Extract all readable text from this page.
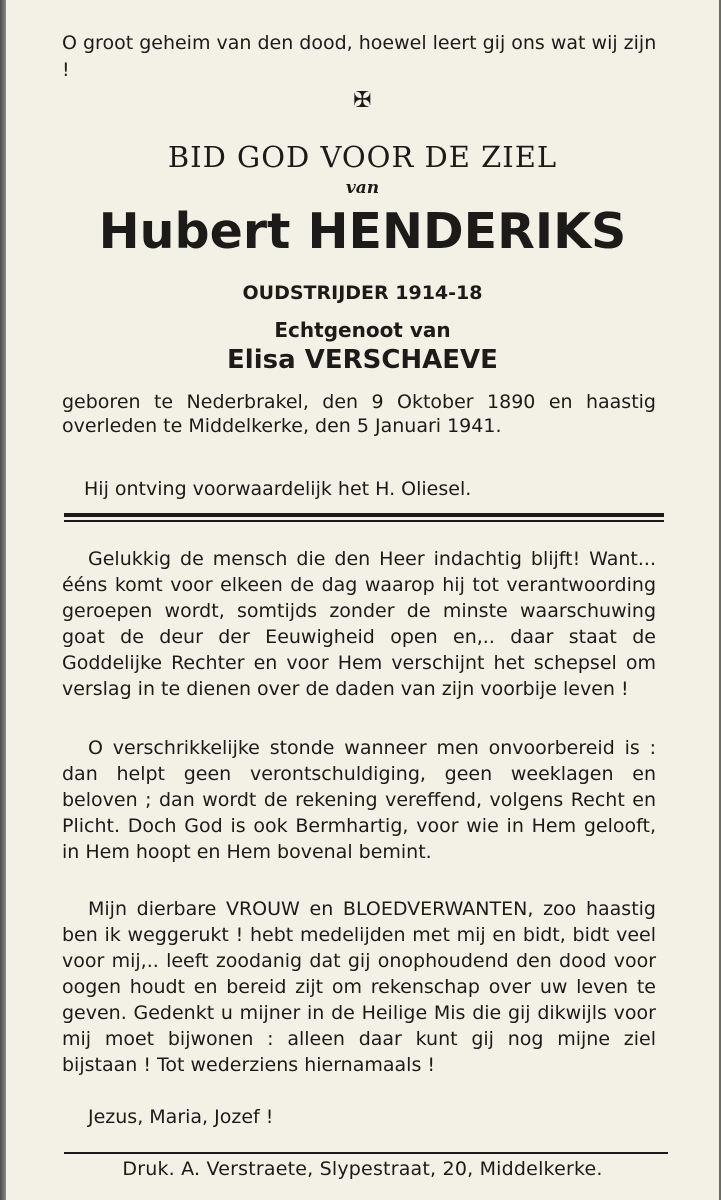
O groot geheim van den dood, hoewel leert gij ons wat wij zijn !

✠
BID GOD VOOR DE ZIEL
van
Hubert HENDERIKS
OUDSTRIJDER 1914-18
Echtgenoot van
Elisa VERSCHAEVE

geboren te Nederbrakel, den 9 Oktober 1890 en haastig overleden te Middelkerke, den 5 Januari 1941.

Hij ontving voorwaardelijk het H. Oliesel.

Gelukkig de mensch die den Heer indachtig blijft! Want... ééns komt voor elkeen de dag waarop hij tot verantwoording geroepen wordt, somtijds zonder de minste waarschuwing goat de deur der Eeuwigheid open en,.. daar staat de Goddelijke Rechter en voor Hem verschijnt het schepsel om verslag in te dienen over de daden van zijn voorbije leven !

O verschrikkelijke stonde wanneer men onvoorbereid is : dan helpt geen verontschuldiging, geen weeklagen en beloven ; dan wordt de rekening vereffend, volgens Recht en Plicht. Doch God is ook Bermhartig, voor wie in Hem gelooft, in Hem hoopt en Hem bovenal bemint.

Mijn dierbare VROUW en BLOEDVERWANTEN, zoo haastig ben ik weggerukt ! hebt medelijden met mij en bidt, bidt veel voor mij,.. leeft zoodanig dat gij onophoudend den dood voor oogen houdt en bereid zijt om rekenschap over uw leven te geven. Gedenkt u mijner in de Heilige Mis die gij dikwijls voor mij moet bijwonen : alleen daar kunt gij nog mijne ziel bijstaan ! Tot wederziens hiernamaals !

Jezus, Maria, Jozef !
Druk. A. Verstraete, Slypestraat, 20, Middelkerke.
